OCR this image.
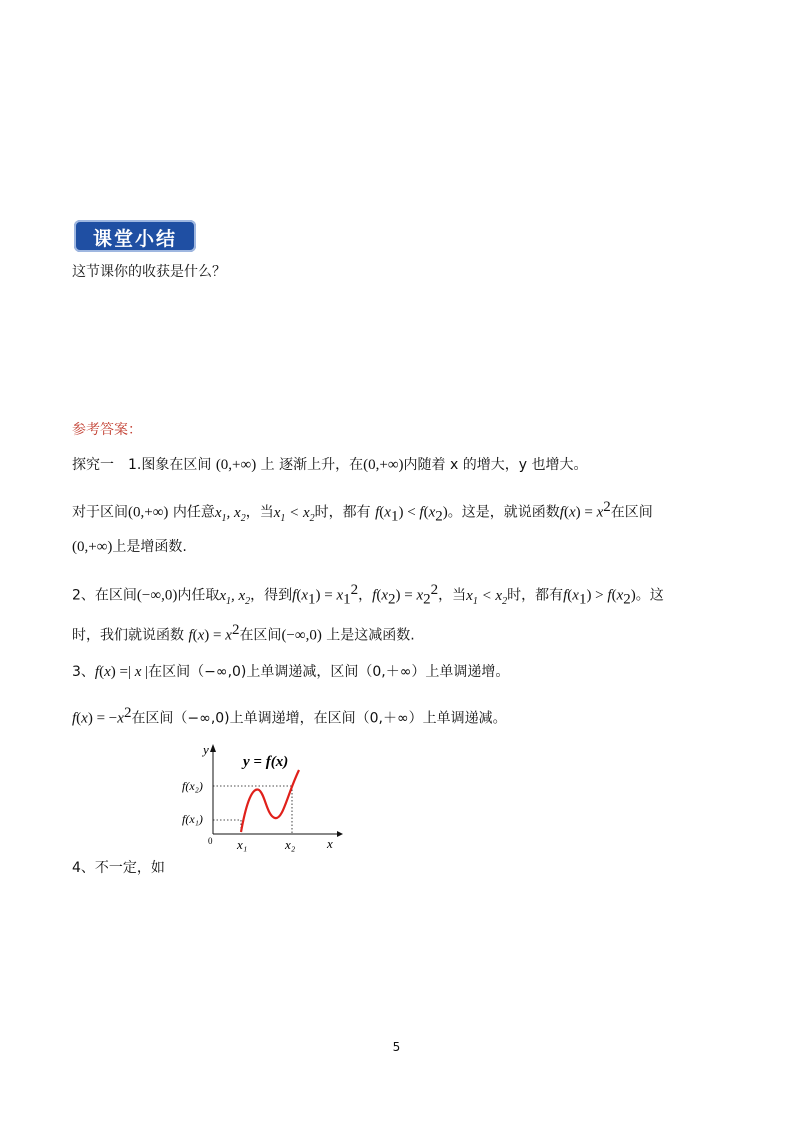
课堂小结
这节课你的收获是什么？
参考答案：
探究一　1.图象在区间 (0,+∞) 上 逐渐上升，在(0,+∞)内随着 x 的增大，y 也增大。
对于区间(0,+∞) 内任意$x_1$, $x_2$，当$x_1 < x_2$时，都有 $f(x_1) < f(x_2)$。这是，就说函数$f(x) = x^2$在区间
(0,+∞)上是增函数.
2、在区间(−∞,0)内任取$x_1$, $x_2$，得到$f(x_1) = x_1^2$，$f(x_2) = x_2^2$，当$x_1 < x_2$时，都有$f(x_1) > f(x_2)$。这
时，我们就说函数 $f(x) = x^2$在区间(−∞,0) 上是这减函数.
3、f(x) =| x |在区间（−∞,0)上单调递减，区间（0,＋∞）上单调递增。
$f(x) = -x^2$在区间（−∞,0)上单调递增，在区间（0,＋∞）上单调递减。
y = f(x)
y
x
0
f(x₂)
f(x₁)
x₁	x₂
4、不一定，如
5
